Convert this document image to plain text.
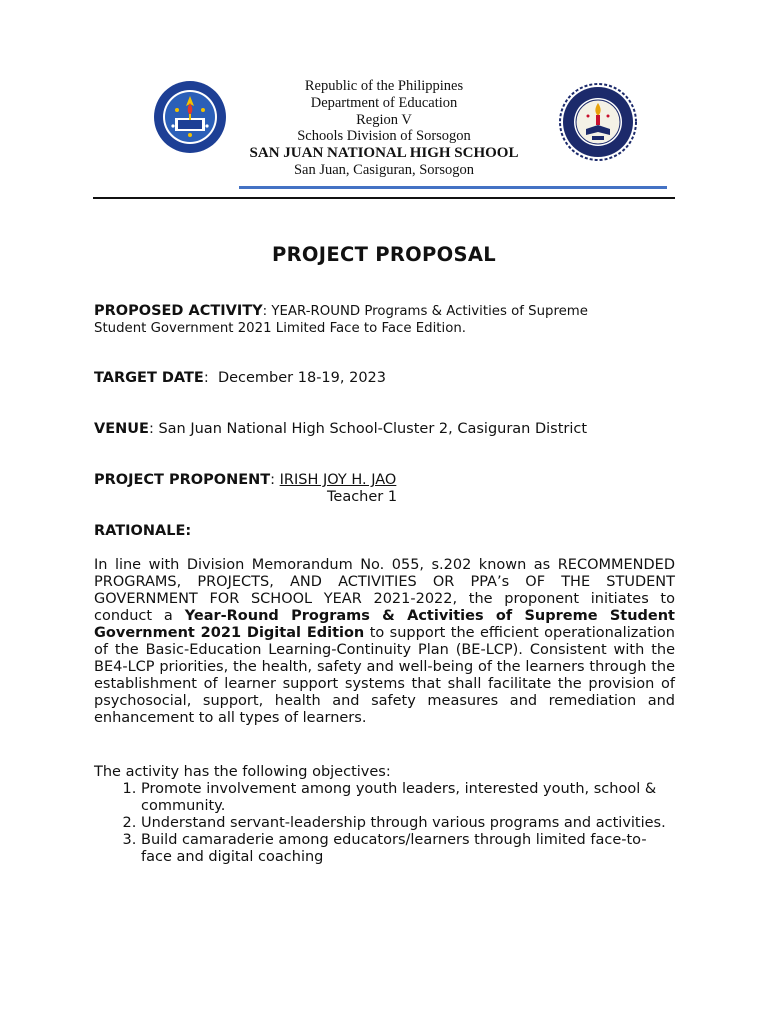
Republic of the Philippines
Department of Education
Region V
Schools Division of Sorsogon
SAN JUAN NATIONAL HIGH SCHOOL
San Juan, Casiguran, Sorsogon
PROJECT PROPOSAL
PROPOSED ACTIVITY: YEAR-ROUND Programs & Activities of Supreme
Student Government 2021 Limited Face to Face Edition.
TARGET DATE:  December 18-19, 2023
VENUE: San Juan National High School-Cluster 2, Casiguran District
PROJECT PROPONENT: IRISH JOY H. JAO
Teacher 1
RATIONALE:
In line with Division Memorandum No. 055, s.202 known as RECOMMENDED PROGRAMS, PROJECTS, AND ACTIVITIES OR PPA’s OF THE STUDENT GOVERNMENT FOR SCHOOL YEAR 2021-2022, the proponent initiates to conduct a Year-Round Programs & Activities of Supreme Student Government 2021 Digital Edition to support the efficient operationalization of the Basic-Education Learning-Continuity Plan (BE-LCP). Consistent with the BE4-LCP priorities, the health, safety and well-being of the learners through the establishment of learner support systems that shall facilitate the provision of psychosocial, support, health and safety measures and remediation and enhancement to all types of learners.
The activity has the following objectives:
1. Promote involvement among youth leaders, interested youth, school & community.
2. Understand servant-leadership through various programs and activities.
3. Build camaraderie among educators/learners through limited face-to-face and digital coaching
